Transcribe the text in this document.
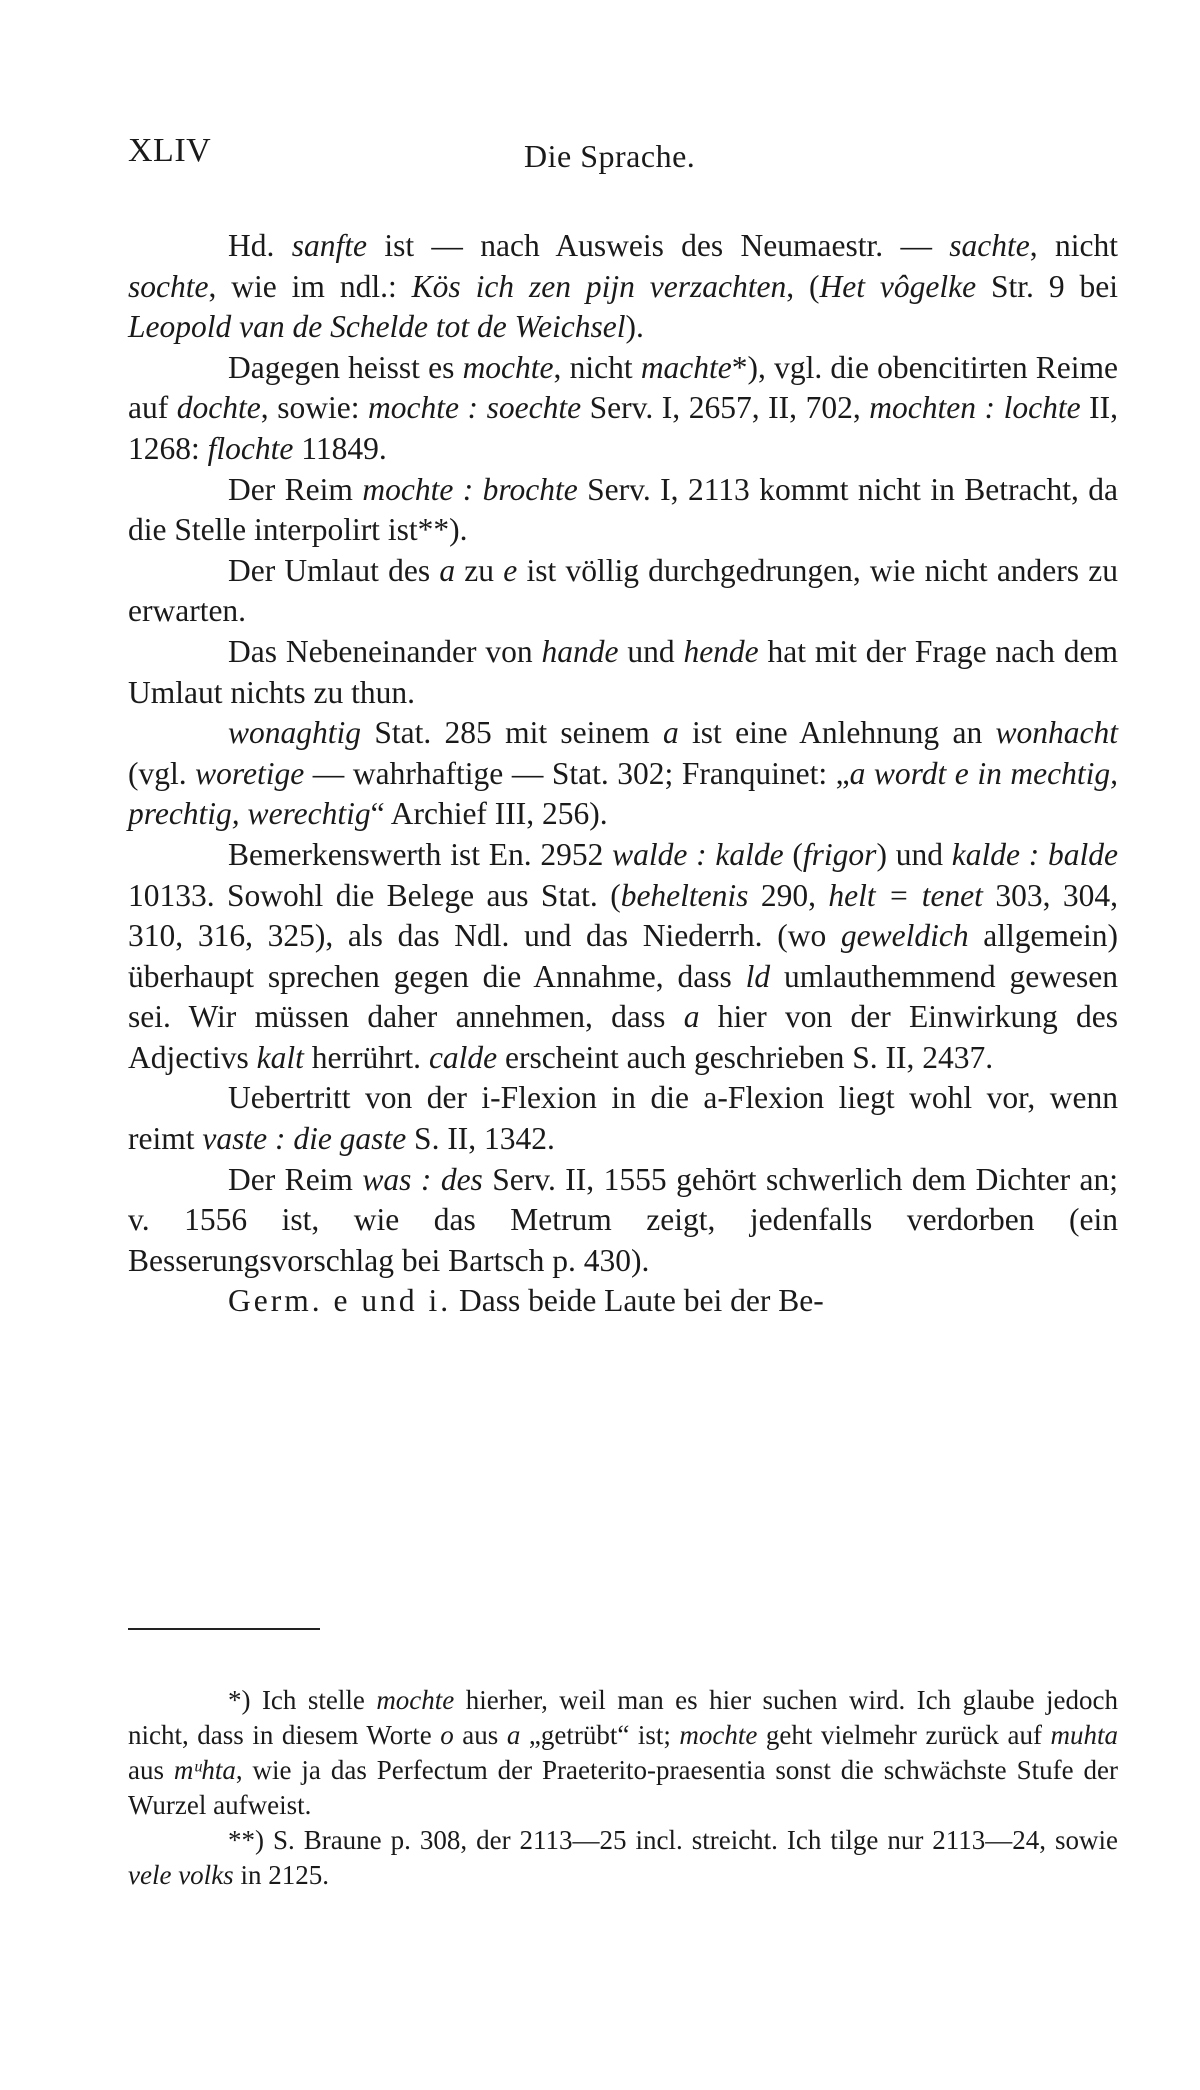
XLIV	Die Sprache.

Hd. sanfte ist — nach Ausweis des Neumaestr. — sachte, nicht sochte, wie im ndl.: Kös ich zen pijn verzachten, (Het vôgelke Str. 9 bei Leopold van de Schelde tot de Weichsel).

Dagegen heisst es mochte, nicht machte*), vgl. die obencitirten Reime auf dochte, sowie: mochte : soechte Serv. I, 2657, II, 702, mochten : lochte II, 1268: flochte 11849.

Der Reim mochte : brochte Serv. I, 2113 kommt nicht in Betracht, da die Stelle interpolirt ist**).

Der Umlaut des a zu e ist völlig durchgedrungen, wie nicht anders zu erwarten.

Das Nebeneinander von hande und hende hat mit der Frage nach dem Umlaut nichts zu thun.

wonaghtig Stat. 285 mit seinem a ist eine Anlehnung an wonhacht (vgl. woretige — wahrhaftige — Stat. 302; Franquinet: „a wordt e in mechtig, prechtig, werechtig“ Archief III, 256).

Bemerkenswerth ist En. 2952 walde : kalde (frigor) und kalde : balde 10133. Sowohl die Belege aus Stat. (beheltenis 290, helt = tenet 303, 304, 310, 316, 325), als das Ndl. und das Niederrh. (wo geweldich allgemein) überhaupt sprechen gegen die Annahme, dass ld umlauthemmend gewesen sei. Wir müssen daher annehmen, dass a hier von der Einwirkung des Adjectivs kalt herrührt. calde erscheint auch geschrieben S. II, 2437.

Uebertritt von der i-Flexion in die a-Flexion liegt wohl vor, wenn reimt vaste : die gaste S. II, 1342.

Der Reim was : des Serv. II, 1555 gehört schwerlich dem Dichter an; v. 1556 ist, wie das Metrum zeigt, jedenfalls verdorben (ein Besserungsvorschlag bei Bartsch p. 430).

Germ. e und i. Dass beide Laute bei der Be-

*) Ich stelle mochte hierher, weil man es hier suchen wird. Ich glaube jedoch nicht, dass in diesem Worte o aus a „getrübt“ ist; mochte geht vielmehr zurück auf muhta aus mᵘhta, wie ja das Perfectum der Praeterito-praesentia sonst die schwächste Stufe der Wurzel aufweist.

**) S. Braune p. 308, der 2113—25 incl. streicht. Ich tilge nur 2113—24, sowie vele volks in 2125.
